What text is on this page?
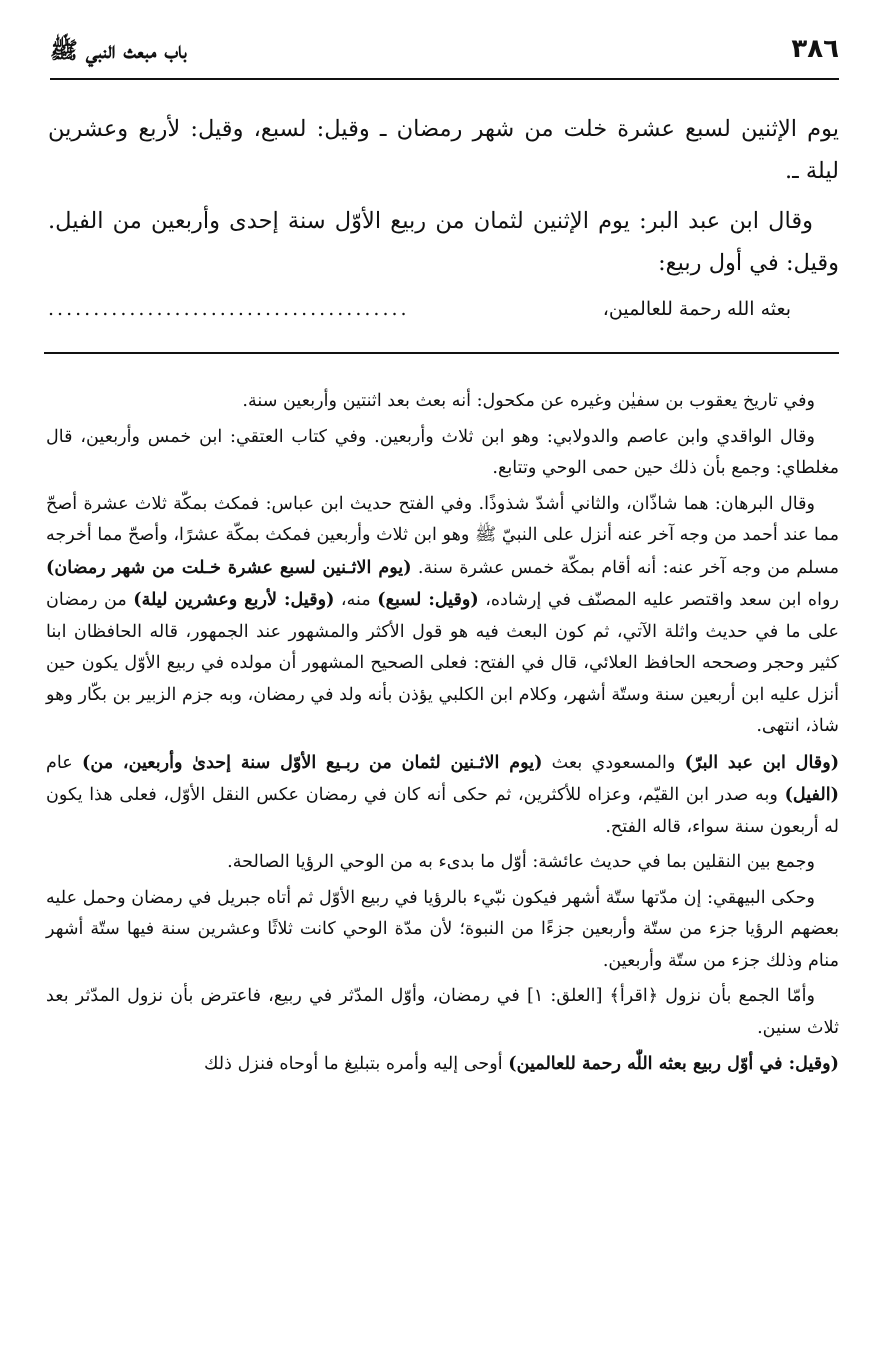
٣٨٦
باب مبعث النبي ﷺ

يوم الإثنين لسبع عشرة خلت من شهر رمضان ـ وقيل: لسبع، وقيل: لأربع وعشرين ليلة ـ.

وقال ابن عبد البر: يوم الإثنين لثمان من ربيع الأوّل سنة إحدى وأربعين من الفيل. وقيل: في أول ربيع:

بعثه الله رحمة للعالمين،
........................................

وفي تاريخ يعقوب بن سفيٰن وغيره عن مكحول: أنه بعث بعد اثنتين وأربعين سنة.

وقال الواقدي وابن عاصم والدولابي: وهو ابن ثلاث وأربعين. وفي كتاب العتقي: ابن خمس وأربعين، قال مغلطاي: وجمع بأن ذلك حين حمى الوحي وتتابع.

وقال البرهان: هما شاذّان، والثاني أشدّ شذوذًا. وفي الفتح حديث ابن عباس: فمكث بمكّة ثلاث عشرة أصحّ مما عند أحمد من وجه آخر عنه أنزل على النبيّ ﷺ وهو ابن ثلاث وأربعين فمكث بمكّة عشرًا، وأصحّ مما أخرجه مسلم من وجه آخر عنه: أنه أقام بمكّة خمس عشرة سنة. (يوم الاثـنين لسبع عشرة خـلت من شهر رمضان) رواه ابن سعد واقتصر عليه المصنّف في إرشاده، (وقيل: لسبع) منه، (وقيل: لأربع وعشرين ليلة) من رمضان على ما في حديث واثلة الآتي، ثم كون البعث فيه هو قول الأكثر والمشهور عند الجمهور، قاله الحافظان ابنا كثير وحجر وصححه الحافظ العلائي، قال في الفتح: فعلى الصحيح المشهور أن مولده في ربيع الأوّل يكون حين أنزل عليه ابن أربعين سنة وستّة أشهر، وكلام ابن الكلبي يؤذن بأنه ولد في رمضان، وبه جزم الزبير بن بكّار وهو شاذ، انتهى.

(وقال ابن عبد البرّ) والمسعودي بعث (يوم الاثـنين لثمان من ربـيع الأوّل سنة إحدىٰ وأربعين، من) عام (الفيل) وبه صدر ابن القيّم، وعزاه للأكثرين، ثم حكى أنه كان في رمضان عكس النقل الأوّل، فعلى هذا يكون له أربعون سنة سواء، قاله الفتح.

وجمع بين النقلين بما في حديث عائشة: أوّل ما بدىء به من الوحي الرؤيا الصالحة.

وحكى البيهقي: إن مدّتها ستّة أشهر فيكون نبّيء بالرؤيا في ربيع الأوّل ثم أتاه جبريل في رمضان وحمل عليه بعضهم الرؤيا جزء من ستّة وأربعين جزءًا من النبوة؛ لأن مدّة الوحي كانت ثلاثًا وعشرين سنة فيها ستّة أشهر منام وذلك جزء من ستّة وأربعين.

وأمّا الجمع بأن نزول ﴿اقرأ﴾ [العلق: ١] في رمضان، وأوّل المدّثر في ربيع، فاعترض بأن نزول المدّثر بعد ثلاث سنين.

(وقيل: في أوّل ربيع بعثه اللّٰه رحمة للعالمين) أوحى إليه وأمره بتبليغ ما أوحاه فنزل ذلك
